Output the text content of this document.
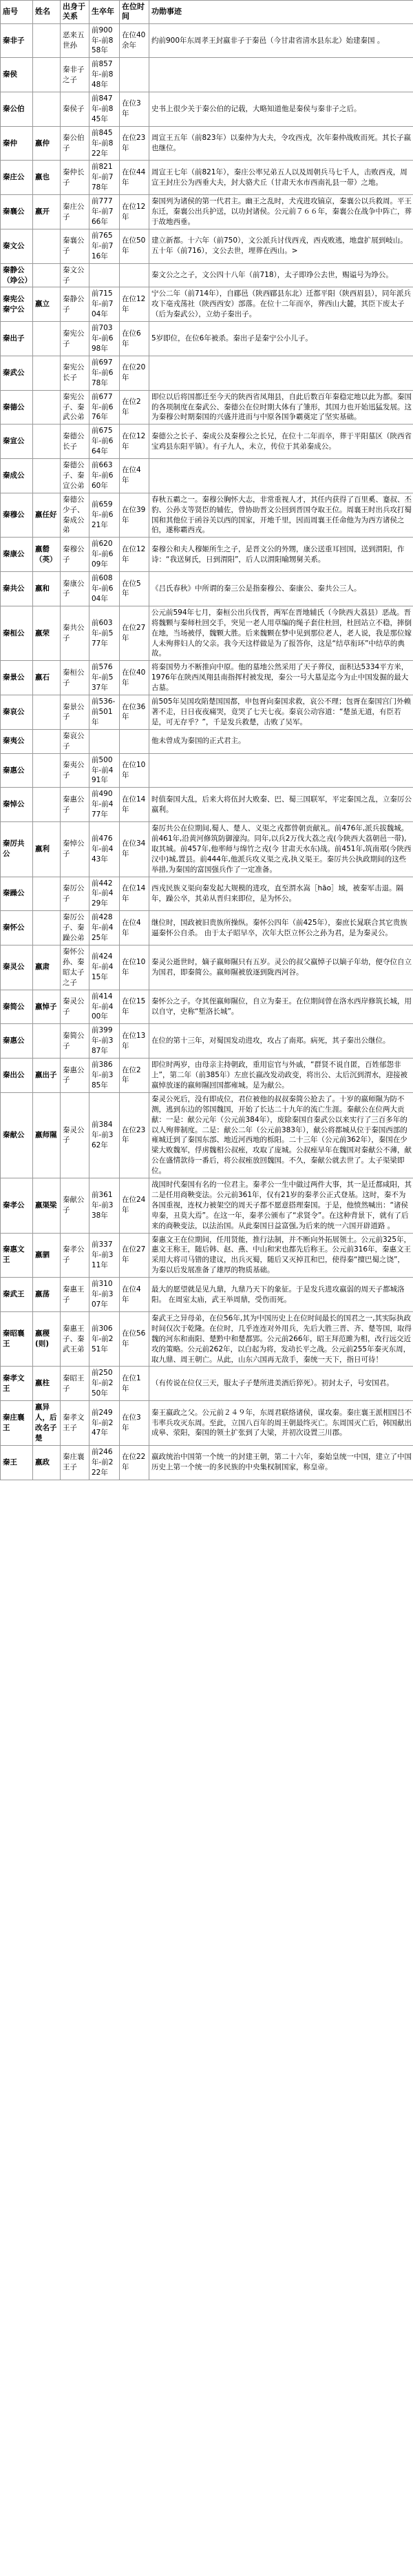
庙号	姓名	出身于关系	生卒年	在位时间	功勋事迹
秦非子		恶来五世孙	前900年-前858年	在位40余年	约前900年东周孝王封嬴非子于秦邑（今甘肃省清水县东北）始建秦国 。
秦侯		秦非子之子	前857年-前848年		
秦公伯		秦侯子	前847年-前845年	在位3年	史书上很少关于秦公伯的记载，大略知道他是秦侯与秦非子之后。
秦仲	嬴仲	秦公伯子	前845年-前822年	在位23年	周宣王五年（前823年）以秦仲为大夫，令攻西戎，次年秦仲战败而死。其长子嬴也继位。
秦庄公	嬴也	秦仲长子	前821年-前778年	在位44年	周宣王七年（前821年），秦庄公率兄弟五人以及周朝兵马七千人，击败西戎，周宣王封庄公为西垂大夫，封大骆犬丘（甘肃天水市西南礼县一带）之地。
秦襄公	嬴开	秦庄公子	前777年-前766年	在位12年	秦国列为诸侯的第一代君主。幽王之乱时，犬戎进攻镐京，秦襄公以兵救周。平王东迁，秦襄公出兵护送，以功封诸侯。公元前７６６年，秦襄公在战争中阵亡，葬于故地西垂。
秦文公		秦襄公子	前765年-前716年	在位50年	建立新都。十六年（前750），文公派兵讨伐西戎，西戎败逃，地盘扩展到岐山。五十年（前716），文公去世，埋葬在西山。>
秦静公（竫公）		秦文公子			秦文公之之子，文公四十八年（前718），太子即竫公去世，赐谥号为竫公。
秦宪公 秦宁公	嬴立	秦静公子	前715年-前704年	在位12年	宁公二年（前714年），自郿邑（陕西郿县东北）迁都平阳（陕西眉县），同年派兵攻下亳戎荡社（陕西西安）部落。在位十二年而卒，葬西山大麓，其臣下废太子（后为秦武公），立幼子秦出子。
秦出子		秦宪公子	前703年-前698年	在位6年	5岁即位，在位6年被杀。秦出子是秦宁公小儿子。
秦武公		秦宪公长子	前697年-前678年	在位20年	
秦德公		秦宪公子、秦武公弟	前677年-前676年	在位2年	即位以后将国都迁至今天的陕西省凤翔县，自此后数百年秦稳定地以此为都。秦国的各项制度在秦武公、秦德公在位时期大体有了雏形，其国力也开始迅猛发展。这为秦穆公时期秦国的兴盛并进而与中原各国争霸奠定了坚实基础。
秦宣公		秦德公长子	前675年-前664年	在位12年	秦德公之长子、秦成公及秦穆公之长兄，在位十二年而卒，葬于平阳墓区（陕西省宝鸡县东阳平镇）。有子九人，未立，传位于其弟秦成公。
秦成公		秦德公子、秦宣公弟	前663年-前660年	在位4年	
秦穆公	嬴任好	秦德公少子、秦成公弟	前659年-前621年	在位39年	春秋五霸之一。秦穆公胸怀大志，非常重视人才，其任内获得了百里奚、蹇叔、丕豹、公孙支等贤臣的辅佐，曾协助晋文公回到晋国夺取王位。周襄王时出兵攻打蜀国和其他位于函谷关以西的国家，开地千里，因而周襄王任命他为为西方诸侯之伯，遂称霸西戎。
秦康公	嬴罃（英）	秦穆公子	前620年-前609年	在位12年	秦穆公和夫人穆姬所生之子，是晋文公的外甥，康公送重耳回国，送到渭阳，作诗：“我送舅氏，日到渭阳”，后人以渭阳喻甥舅关系。
秦共公	嬴和	秦康公子	前608年-前604年	在位5年	《吕氏春秋》中所谓的秦三公是指秦穆公、秦康公、秦共公三人。
秦桓公	嬴荣	秦共公子	前603年-前577年	在位27年	公元前594年七月，秦桓公出兵伐晋，两军在晋地辅氏（今陕西大荔县）恶战。晋将魏颗与秦师杜回交手，突见一老人用草编的绳子套住杜回，杜回站立不稳，摔倒在地，当场被俘，魏颗大胜。后来魏颗在梦中见到那位老人，老人说，我是那位嫁人未殉葬妇人的父亲。我今天这样做是为了报答你，这是“结草衔环”中结草的典故。
秦景公	嬴石	秦桓公子	前576年-前537年	在位40年	将秦国势力不断推向中原。他的墓地公然采用了天子葬仪，面积达5334平方米，1976年在陕西凤翔县南指挥村被发现，秦公一号大墓是迄今为止中国发掘的最大古墓。
秦哀公		秦景公子	前536-前501年	在位36年	前505年吴国攻陷楚国国都，申包胥向秦国求救，哀公不理；包胥在秦国宫门外赖著不走，日日夜夜痛哭，竟哭了七天七夜。秦哀公动容道：“楚虽无道，有臣若是，可无存乎？”，千是发兵救楚，击败了吴军。
秦夷公		秦哀公子			他未曾成为秦国的正式君主。
秦惠公		秦夷公子	前500年-前491年	在位10年	
秦悼公		秦惠公子	前490年-前477年	在位14年	时值秦国大乱，后来大将伍封大败秦、巴、蜀三国联军，平定秦国之乱，立秦厉公嬴利。
秦厉共公	嬴利	秦悼公子	前476年-前443年	在位34年	秦厉共公在位期间,蜀人、楚人、义渠之戎都曾朝贡献礼。前476年,派兵拔魏城。前461年,沿黄河修筑防御濠沟。同年,以兵2万伐大荔之戎(今陕西大荔朝邑一带),取其城。前457年,他率师与绵竹之戎(今 甘肃天水东)战。前451年,筑南郑(今陕西汉中)城,置县。前444年,他派兵攻义渠之戎,执义渠王。秦厉共公执政期间的这些举措,为秦国的富国强兵作了一定准备。
秦躁公		秦厉公子	前442年-前429年	在位14年	西戎民族义渠向秦发起大规模的进攻，直至渭水嵩［hāo］域，被秦军击退。隔年，躁公卒，其弟从晋归来即位，是为怀公。
秦怀公		秦厉公子、秦躁公弟	前428年-前425年	在位4年	继位时，国政被旧贵族所操纵。秦怀公四年（前425年），秦庶长晁联合其它贵族逼秦怀公自杀。 由于太子昭早卒，次年大臣立怀公之孙为君，是为秦灵公。
秦灵公	嬴肃	秦怀公孙、秦昭太子之子	前424年-前415年	在位10年	秦灵公逝世时，嫡子嬴师隰只有五岁。灵公的叔父嬴悼子以嫡子年幼，便夺位自立为国君，即秦简公。嬴师隰被放逐到陇西河谷。
秦简公	嬴悼子	秦灵公子	前414年-前400年	在位15年	秦怀公之子。夺其侄嬴师隰位，自立为秦王。在位期间曾在洛水西岸修筑长城，用以自守，史称“堑洛长城”。
秦惠公		秦简公子	前399年-前387年	在位13年	在位的第十三年，对蜀国发动进攻，攻占了南郑。病死，其子秦出公继位。
秦出公	嬴出子	秦惠公子	前386年-前385年	在位2年	即位时两岁，由母亲主持朝政，重用宦官与外戚，“群贤不说自匿，百姓郁怨非上”，第二年（前385年）左庶长嬴改发动政变，将出公、太后沉到渭水，迎接被嬴悼放逐的嬴师隰回国都雍城。是为献公。
秦献公	嬴师隰	秦灵公子	前384年-前362年	在位23年	秦灵公死后，没有即成位，君位被他的叔叔秦简公抢去了。十岁的嬴师隰为防不测，逃到东边的邻国魏国，开始了长达二十九年的流亡生涯。秦献公在位两大贡献：一是：献公元年（公元前384年），废除秦国自秦武公以来实行了三百多年的以人殉葬制度。二是：献公二年（公元前383年），献公将都城从位于秦国西部的雍城迁到了秦国东部、地近河西地的栎阳。二十三年（公元前362年），秦国在少梁大败魏军，俘虏魏相公叔痤，攻取了庞城。公叔痤早年在魏国对秦献公不薄，献公在盛情款待一番后，将公叔痤放回魏国。不久，秦献公就去世了。太子渠梁即位。
秦孝公	嬴渠梁	秦献公子	前361年-前338年	在位24年	战国时代秦国有名的一位君主。秦孝公一生中做过两件大事，其一是迁都咸阳，其二是任用商鞅变法。公元前361年，仅有21岁的秦孝公正式登基。这时，秦不为各国重视，连权力被架空的周天子都不愿意搭理秦国。于是，他愤然喊出：“诸侯卑秦，丑莫大焉”。在这一年，秦孝公颁布了“求贤令”。在这种背景下，就有了后来的商鞅变法，以法治国。从此秦国日益富强,为后来的统一六国开辟道路 。
秦惠文王	嬴驷	秦孝公子	前337年-前311年	在位27年	秦惠文王在位期间，任用贤能，推行法制，并不断向外拓展领土。公元前325年，惠文王称王，随后韩、赵、燕、中山和宋也都先后称王。公元前316年，秦惠文王采用大将司马错的建议，出兵灭蜀，随后又灭掉苴和巴，使得秦“擅巴蜀之饶”，为秦以后发展准备了雄厚的物质基础。
秦武王	嬴荡	秦惠王子	前310年-前307年	在位4年	最大的愿望就是见九鼎，九鼎乃天下的象征。于是发兵进攻嬴弱的周天子都城洛阳。 在周室太庙，武王举周鼎，受伤而死。
秦昭襄王	嬴稷(则)	秦惠王子、秦武王弟	前306年-前251年	在位56年	秦武王之异母弟，在位56年,其为中国历史上在位时间最长的国君之一,其实际执政时间仅次于乾隆。在位时，几乎连连对外用兵，先后大胜三晋、齐、楚等国，取得魏的河东和南阳、楚黔中和楚都郢。公元前266年，昭王拜范雎为相，改行远交近攻的策略。公元前262年，以白起为将，发动长平之战。公元前255年秦灭东周，取九鼎、周王朝亡。从此，山东六国再无敌手，秦统一天下，指日可待！
秦孝文王	嬴柱	秦昭王子	前250年-前250年	在位1年	（有传说在位仅三天，服太子子楚所进美酒后猝死）。初封太子，号安国君。
秦庄襄王	嬴异人，后改名子楚	秦孝文王子	前249年-前247年	在位3年	秦王嬴政之父。公元前２４９年，东周君联络诸侯，谋攻秦。秦庄襄王派相国吕不韦率兵攻灭东周。至此，立国八百年的周王朝最终灭亡。东周国灭亡后，韩国献出成皋、荥阳，秦国的领土扩张到了大梁，并初次设置三川郡。
秦王	嬴政	秦庄襄王子	前246年-前222年	在位22年	嬴政统治中国第一个统一的封建王朝，第二十六年，秦始皇统一中国，建立了中国历史上第一个统一的多民族的中央集权制国家，称皇帝。
